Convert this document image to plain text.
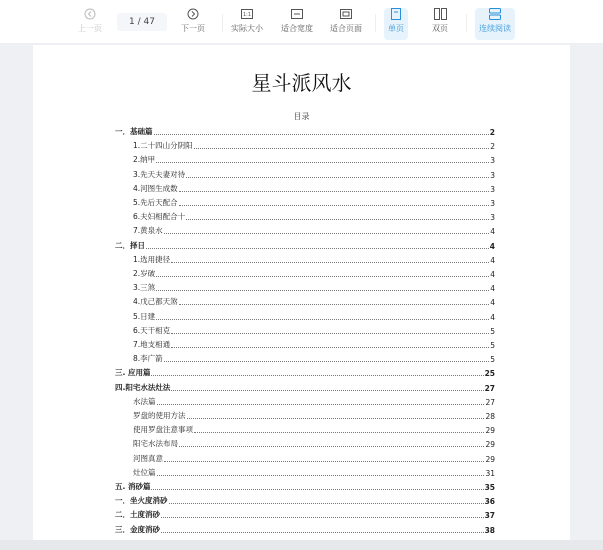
上一页
1
/ 47
下一页
1:1
实际大小 适合宽度 适合页面	单页	双页	连续阅读
星斗派风水
目录
一．基础篇	2
1.二十四山分阴阳	2
2.纳甲	3
3.先天夫妻对待	3
4.河图生成数	3
5.先后天配合	3
6.夫妇相配合十	3
7.黄泉水	4
二．择日	4
1.选用捷径	4
2.岁破	4
3.三煞	4
4.戊己都天煞	4
5.日建	4
6.天干相克	5
7.地支相通	5
8.李广箭	5
三. 应用篇	25
四.阳宅水法灶法	27
水法篇	27
罗盘的使用方法	28
使用罗盘注意事项	29
阳宅水法布局	29
河图真意	29
灶位篇	31
五. 消砂篇	35
一．坐火度消砂	36
二．土度消砂	37
三．金度消砂	38
